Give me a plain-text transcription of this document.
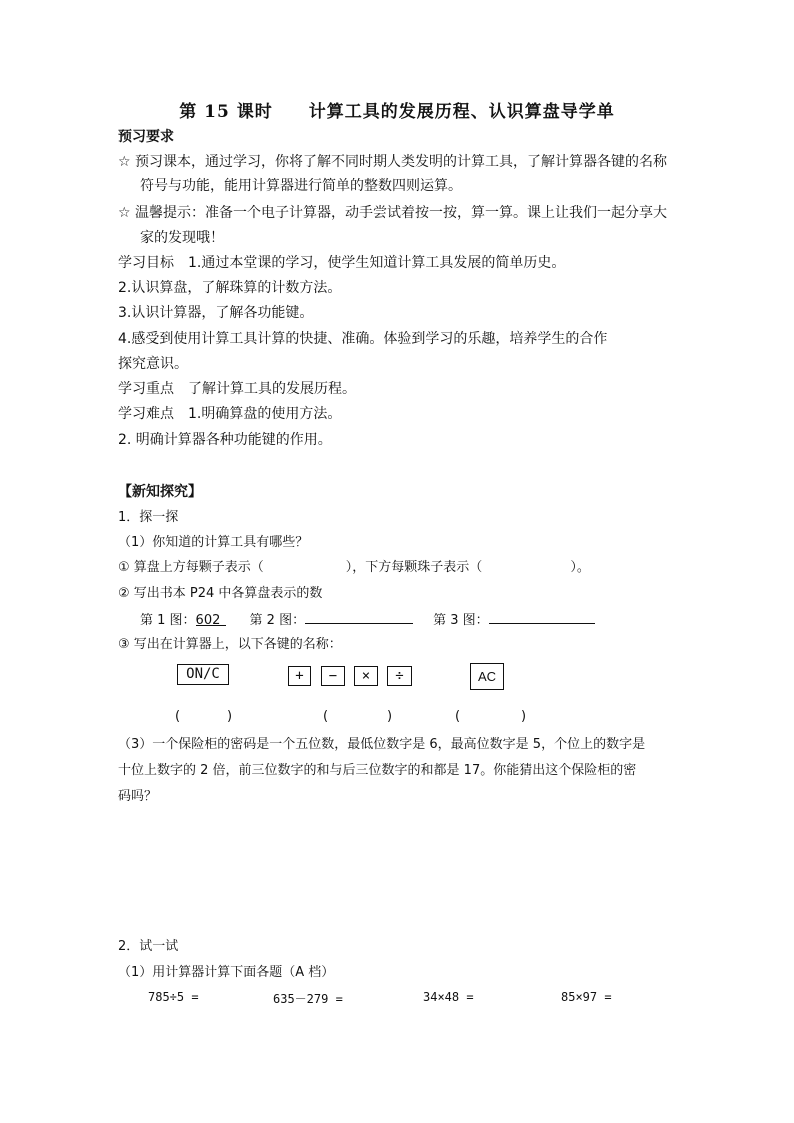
第 15 课时　　计算工具的发展历程、认识算盘导学单
预习要求
☆ 预习课本，通过学习，你将了解不同时期人类发明的计算工具，了解计算器各键的名称
符号与功能，能用计算器进行简单的整数四则运算。
☆ 温馨提示：准备一个电子计算器，动手尝试着按一按，算一算。课上让我们一起分享大
家的发现哦！
学习目标 1.通过本堂课的学习，使学生知道计算工具发展的简单历史。
2.认识算盘，了解珠算的计数方法。
3.认识计算器，了解各功能键。
4.感受到使用计算工具计算的快捷、准确。体验到学习的乐趣，培养学生的合作
探究意识。
学习重点 了解计算工具的发展历程。
学习难点 1.明确算盘的使用方法。
2. 明确计算器各种功能键的作用。
【新知探究】
1．探一探
（1）你知道的计算工具有哪些？
① 算盘上方每颗子表示（	），下方每颗珠子表示（	）。
② 写出书本 P24 中各算盘表示的数
第 1 图：602 第 2 图：	第 3 图：
③ 写出在计算器上，以下各键的名称：
ON/C	+	−	×	÷	AC
(	)	(	)	(	)
（3）一个保险柜的密码是一个五位数，最低位数字是 6，最高位数字是 5，个位上的数字是
十位上数字的 2 倍，前三位数字的和与后三位数字的和都是 17。你能猜出这个保险柜的密
码吗？
2．试一试
（1）用计算器计算下面各题（A 档）
785÷5 =	635－279 =	34×48 =	85×97 =
